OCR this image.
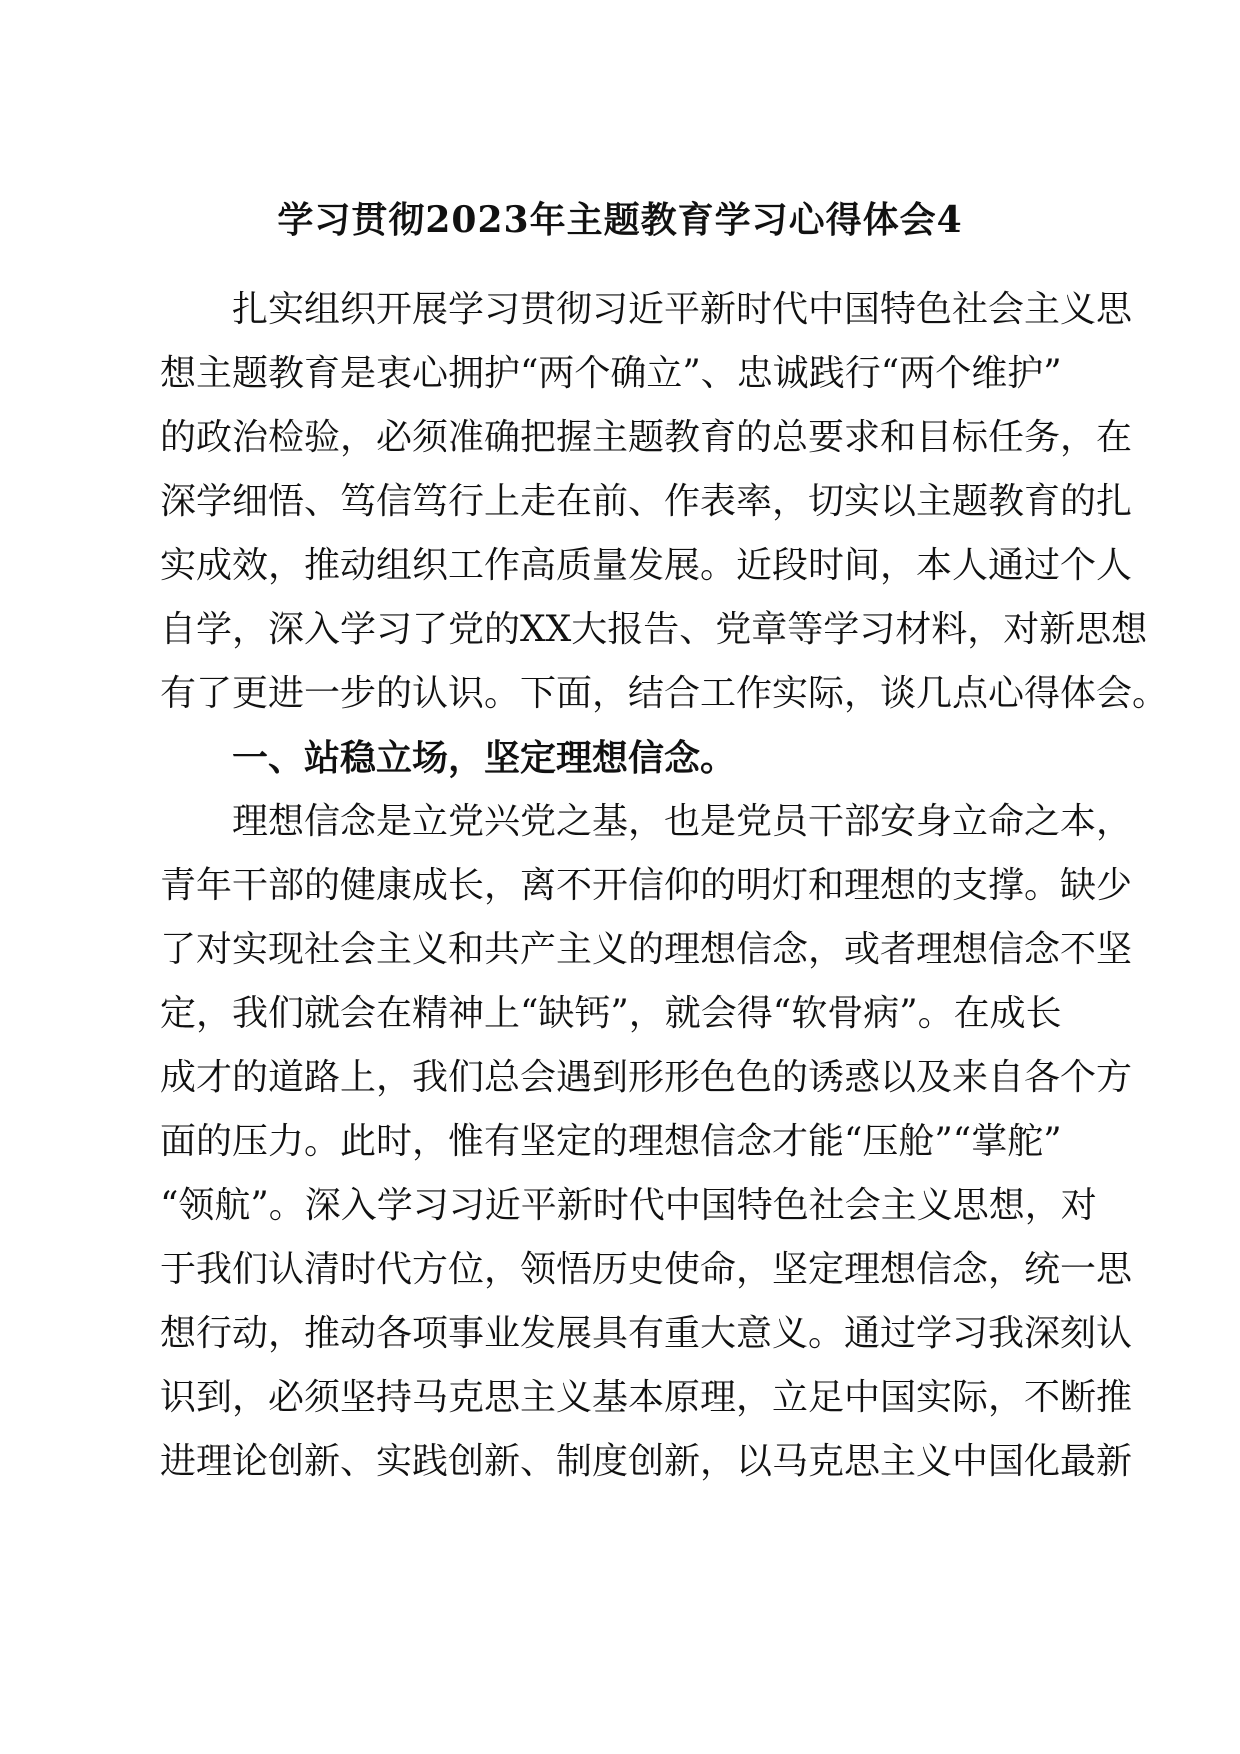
学习贯彻2023年主题教育学习心得体会4
扎实组织开展学习贯彻习近平新时代中国特色社会主义思
想主题教育是衷心拥护“两个确立”、忠诚践行“两个维护”
的政治检验，必须准确把握主题教育的总要求和目标任务，在
深学细悟、笃信笃行上走在前、作表率，切实以主题教育的扎
实成效，推动组织工作高质量发展。近段时间，本人通过个人
自学，深入学习了党的XX大报告、党章等学习材料，对新思想
有了更进一步的认识。下面，结合工作实际，谈几点心得体会。
一、站稳立场，坚定理想信念。
理想信念是立党兴党之基，也是党员干部安身立命之本，
青年干部的健康成长，离不开信仰的明灯和理想的支撑。缺少
了对实现社会主义和共产主义的理想信念，或者理想信念不坚
定，我们就会在精神上“缺钙”，就会得“软骨病”。在成长
成才的道路上，我们总会遇到形形色色的诱惑以及来自各个方
面的压力。此时，惟有坚定的理想信念才能“压舱”“掌舵”
“领航”。深入学习习近平新时代中国特色社会主义思想，对
于我们认清时代方位，领悟历史使命，坚定理想信念，统一思
想行动，推动各项事业发展具有重大意义。通过学习我深刻认
识到，必须坚持马克思主义基本原理，立足中国实际，不断推
进理论创新、实践创新、制度创新，以马克思主义中国化最新
